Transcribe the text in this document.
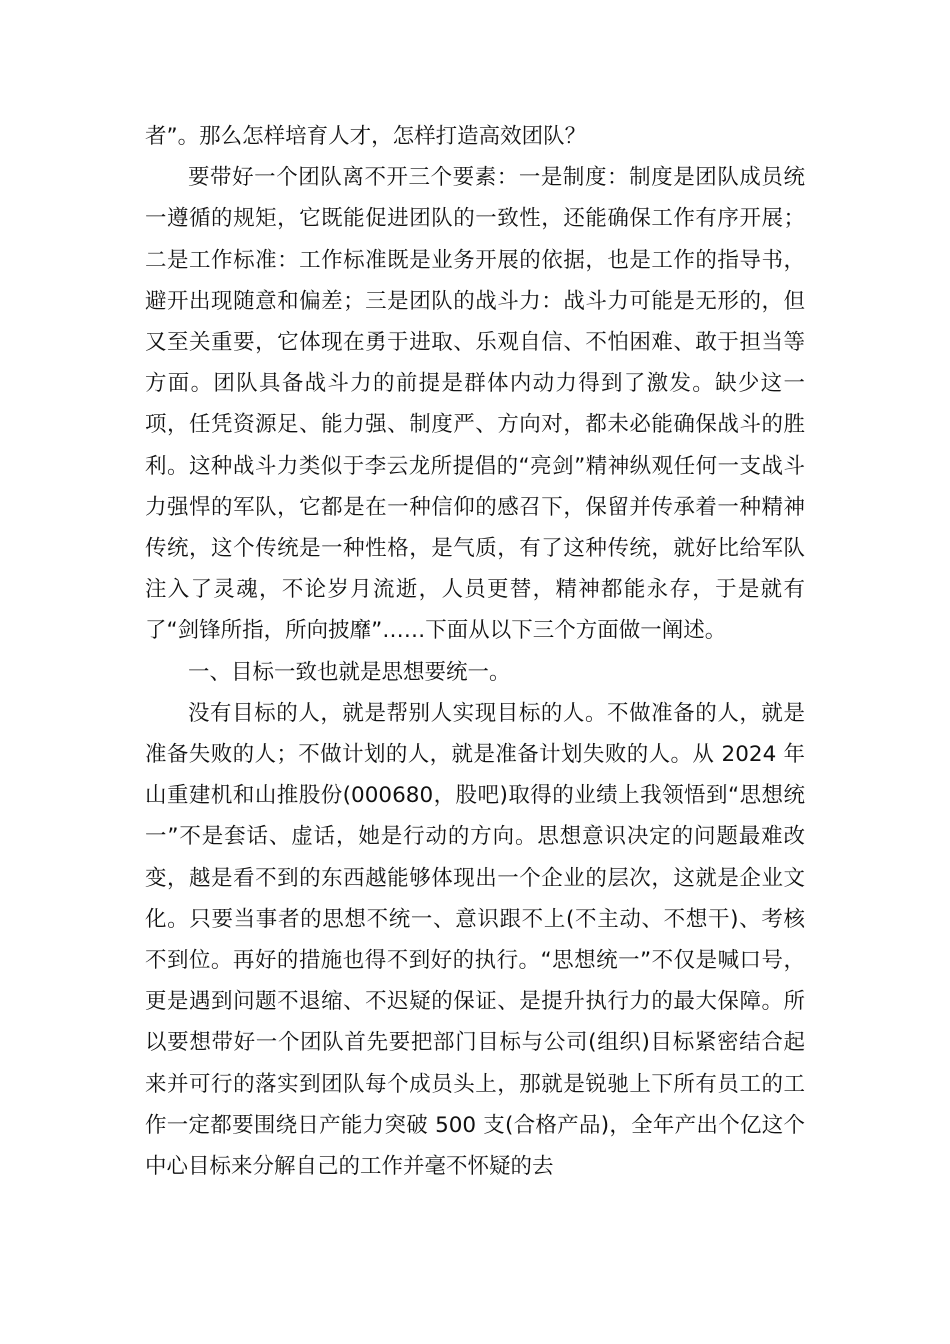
者”。那么怎样培育人才，怎样打造高效团队？

要带好一个团队离不开三个要素：一是制度：制度是团队成员统一遵循的规矩，它既能促进团队的一致性，还能确保工作有序开展；二是工作标准：工作标准既是业务开展的依据，也是工作的指导书，避开出现随意和偏差；三是团队的战斗力：战斗力可能是无形的，但又至关重要，它体现在勇于进取、乐观自信、不怕困难、敢于担当等方面。团队具备战斗力的前提是群体内动力得到了激发。缺少这一项，任凭资源足、能力强、制度严、方向对，都未必能确保战斗的胜利。这种战斗力类似于李云龙所提倡的“亮剑”精神纵观任何一支战斗力强悍的军队，它都是在一种信仰的感召下，保留并传承着一种精神传统，这个传统是一种性格，是气质，有了这种传统，就好比给军队注入了灵魂，不论岁月流逝，人员更替，精神都能永存，于是就有了“剑锋所指，所向披靡”……下面从以下三个方面做一阐述。

一、目标一致也就是思想要统一。

没有目标的人，就是帮别人实现目标的人。不做准备的人，就是准备失败的人；不做计划的人，就是准备计划失败的人。从 2024 年山重建机和山推股份(000680，股吧)取得的业绩上我领悟到“思想统一”不是套话、虚话，她是行动的方向。思想意识决定的问题最难改变，越是看不到的东西越能够体现出一个企业的层次，这就是企业文化。只要当事者的思想不统一、意识跟不上(不主动、不想干)、考核不到位。再好的措施也得不到好的执行。“思想统一”不仅是喊口号，更是遇到问题不退缩、不迟疑的保证、是提升执行力的最大保障。所以要想带好一个团队首先要把部门目标与公司(组织)目标紧密结合起来并可行的落实到团队每个成员头上，那就是锐驰上下所有员工的工作一定都要围绕日产能力突破 500 支(合格产品)，全年产出个亿这个中心目标来分解自己的工作并毫不怀疑的去
